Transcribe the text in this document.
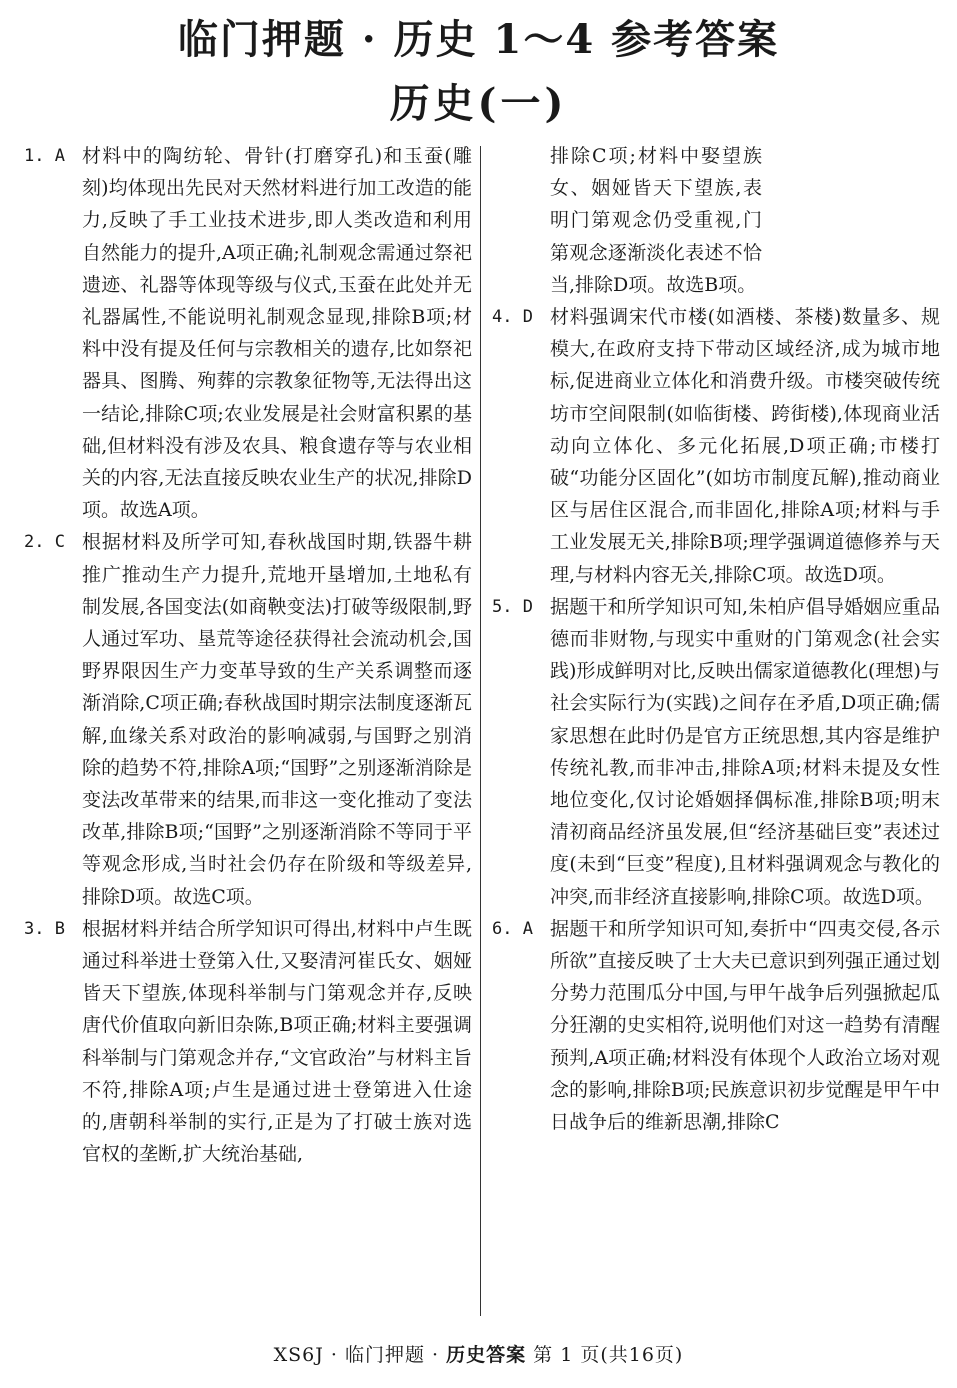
临门押题 · 历史 1～4 参考答案
历史(一)
1. A 材料中的陶纺轮、骨针(打磨穿孔)和玉蚕(雕刻)均体现出先民对天然材料进行加工改造的能力,反映了手工业技术进步,即人类改造和利用自然能力的提升,A项正确;礼制观念需通过祭祀遗迹、礼器等体现等级与仪式,玉蚕在此处并无礼器属性,不能说明礼制观念显现,排除B项;材料中没有提及任何与宗教相关的遗存,比如祭祀器具、图腾、殉葬的宗教象征物等,无法得出这一结论,排除C项;农业发展是社会财富积累的基础,但材料没有涉及农具、粮食遗存等与农业相关的内容,无法直接反映农业生产的状况,排除D项。故选A项。
2. C 根据材料及所学可知,春秋战国时期,铁器牛耕推广推动生产力提升,荒地开垦增加,土地私有制发展,各国变法(如商鞅变法)打破等级限制,野人通过军功、垦荒等途径获得社会流动机会,国野界限因生产力变革导致的生产关系调整而逐渐消除,C项正确;春秋战国时期宗法制度逐渐瓦解,血缘关系对政治的影响减弱,与国野之别消除的趋势不符,排除A项;“国野”之别逐渐消除是变法改革带来的结果,而非这一变化推动了变法改革,排除B项;“国野”之别逐渐消除不等同于平等观念形成,当时社会仍存在阶级和等级差异,排除D项。故选C项。
3. B 根据材料并结合所学知识可得出,材料中卢生既通过科举进士登第入仕,又娶清河崔氏女、姻娅皆天下望族,体现科举制与门第观念并存,反映唐代价值取向新旧杂陈,B项正确;材料主要强调科举制与门第观念并存,“文官政治”与材料主旨不符,排除A项;卢生是通过进士登第进入仕途的,唐朝科举制的实行,正是为了打破士族对选官权的垄断,扩大统治基础,
排除C项;材料中娶望族女、姻娅皆天下望族,表明门第观念仍受重视,门第观念逐渐淡化表述不恰当,排除D项。故选B项。
4. D 材料强调宋代市楼(如酒楼、茶楼)数量多、规模大,在政府支持下带动区域经济,成为城市地标,促进商业立体化和消费升级。市楼突破传统坊市空间限制(如临街楼、跨街楼),体现商业活动向立体化、多元化拓展,D项正确;市楼打破“功能分区固化”(如坊市制度瓦解),推动商业区与居住区混合,而非固化,排除A项;材料与手工业发展无关,排除B项;理学强调道德修养与天理,与材料内容无关,排除C项。故选D项。
5. D 据题干和所学知识可知,朱柏庐倡导婚姻应重品德而非财物,与现实中重财的门第观念(社会实践)形成鲜明对比,反映出儒家道德教化(理想)与社会实际行为(实践)之间存在矛盾,D项正确;儒家思想在此时仍是官方正统思想,其内容是维护传统礼教,而非冲击,排除A项;材料未提及女性地位变化,仅讨论婚姻择偶标准,排除B项;明末清初商品经济虽发展,但“经济基础巨变”表述过度(未到“巨变”程度),且材料强调观念与教化的冲突,而非经济直接影响,排除C项。故选D项。
6. A 据题干和所学知识可知,奏折中“四夷交侵,各示所欲”直接反映了士大夫已意识到列强正通过划分势力范围瓜分中国,与甲午战争后列强掀起瓜分狂潮的史实相符,说明他们对这一趋势有清醒预判,A项正确;材料没有体现个人政治立场对观念的影响,排除B项;民族意识初步觉醒是甲午中日战争后的维新思潮,排除C
XS6J · 临门押题 · 历史答案 第 1 页(共16页)
